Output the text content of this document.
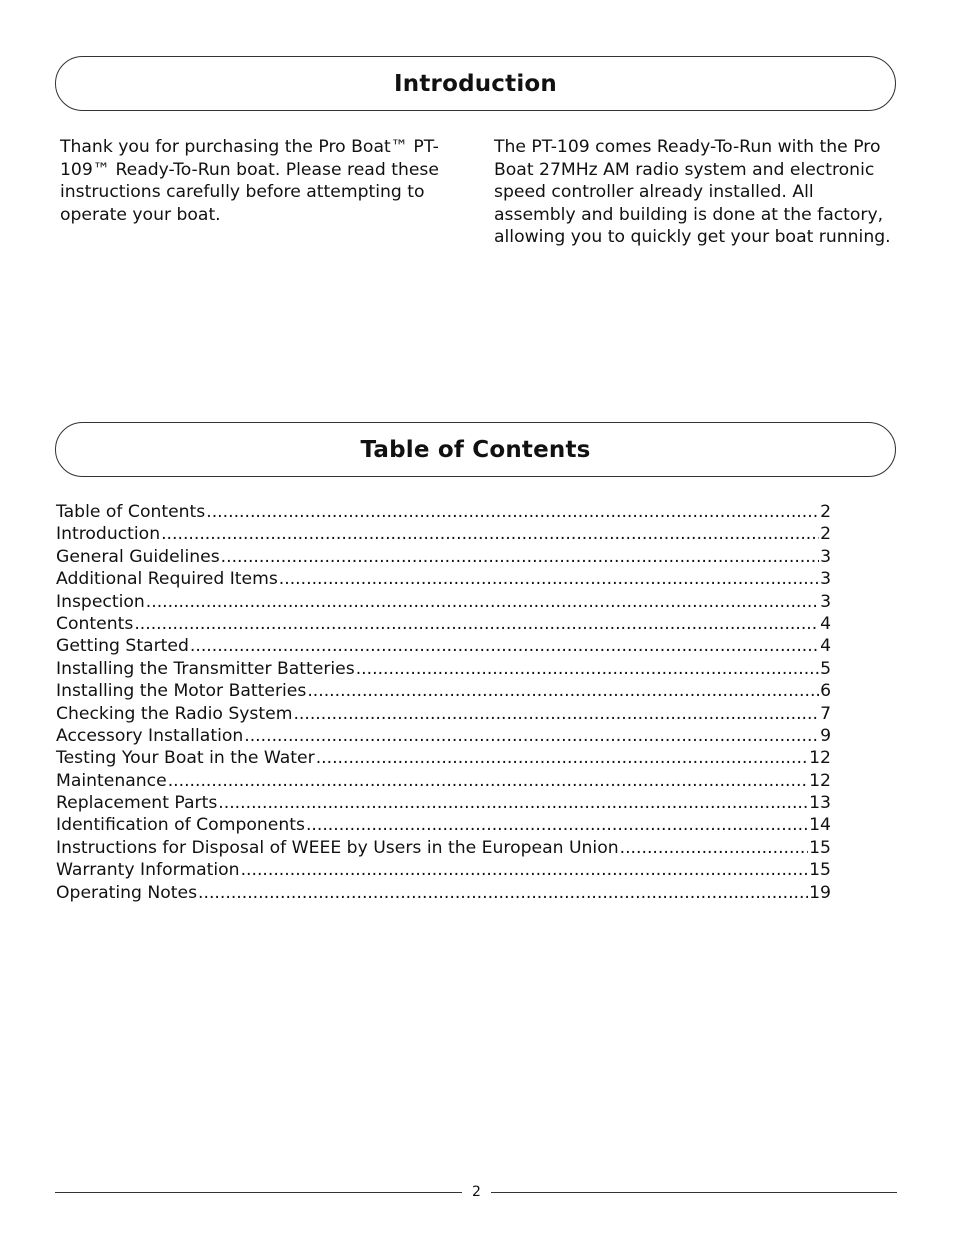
Introduction

Thank you for purchasing the Pro Boat™ PT-109™ Ready-To-Run boat. Please read these instructions carefully before attempting to operate your boat.

The PT-109 comes Ready-To-Run with the Pro Boat 27MHz AM radio system and electronic speed controller already installed. All assembly and building is done at the factory, allowing you to quickly get your boat running.

Table of Contents
Table of Contents .....	2
Introduction .....	2
General Guidelines .....	3
Additional Required Items .....	3
Inspection .....	3
Contents .....	4
Getting Started .....	4
Installing the Transmitter Batteries .....	5
Installing the Motor Batteries .....	6
Checking the Radio System .....	7
Accessory Installation .....	9
Testing Your Boat in the Water .....	12
Maintenance .....	12
Replacement Parts .....	13
Identification of Components .....	14
Instructions for Disposal of WEEE by Users in the European Union .....	15
Warranty Information .....	15
Operating Notes .....	19
2
